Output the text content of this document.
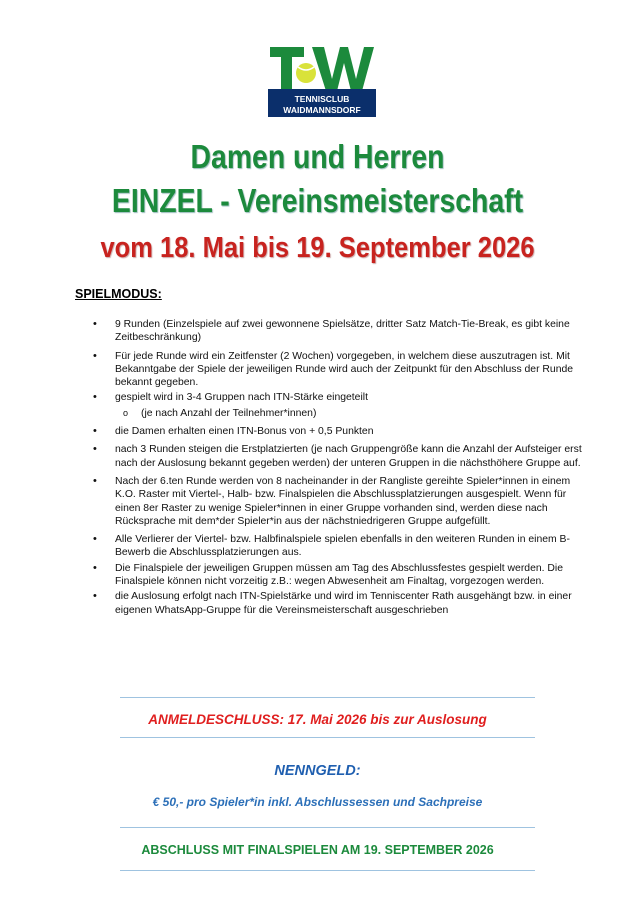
TENNISCLUB
WAIDMANNSDORF
Damen und Herren
EINZEL - Vereinsmeisterschaft
vom 18. Mai bis 19. September 2026
SPIELMODUS:
• 9 Runden (Einzelspiele auf zwei gewonnene Spielsätze, dritter Satz Match-Tie-Break, es gibt keine Zeitbeschränkung)
• Für jede Runde wird ein Zeitfenster (2 Wochen) vorgegeben, in welchem diese auszutragen ist. Mit Bekanntgabe der Spiele der jeweiligen Runde wird auch der Zeitpunkt für den Abschluss der Runde bekannt gegeben.
• gespielt wird in 3-4 Gruppen nach ITN-Stärke eingeteilt
o (je nach Anzahl der Teilnehmer*innen)
• die Damen erhalten einen ITN-Bonus von + 0,5 Punkten
• nach 3 Runden steigen die Erstplatzierten (je nach Gruppengröße kann die Anzahl der Aufsteiger erst nach der Auslosung bekannt gegeben werden) der unteren Gruppen in die nächsthöhere Gruppe auf.
• Nach der 6.ten Runde werden von 8 nacheinander in der Rangliste gereihte Spieler*innen in einem K.O. Raster mit Viertel-, Halb- bzw. Finalspielen die Abschlussplatzierungen ausgespielt. Wenn für einen 8er Raster zu wenige Spieler*innen in einer Gruppe vorhanden sind, werden diese nach Rücksprache mit dem*der Spieler*in aus der nächstniedrigeren Gruppe aufgefüllt.
• Alle Verlierer der Viertel- bzw. Halbfinalspiele spielen ebenfalls in den weiteren Runden in einem B-Bewerb die Abschlussplatzierungen aus.
• Die Finalspiele der jeweiligen Gruppen müssen am Tag des Abschlussfestes gespielt werden. Die Finalspiele können nicht vorzeitig z.B.: wegen Abwesenheit am Finaltag, vorgezogen werden.
• die Auslosung erfolgt nach ITN-Spielstärke und wird im Tenniscenter Rath ausgehängt bzw. in einer eigenen WhatsApp-Gruppe für die Vereinsmeisterschaft ausgeschrieben
ANMELDESCHLUSS: 17. Mai 2026 bis zur Auslosung
NENNGELD:
€ 50,- pro Spieler*in inkl. Abschlussessen und Sachpreise
ABSCHLUSS MIT FINALSPIELEN AM 19. SEPTEMBER 2026
